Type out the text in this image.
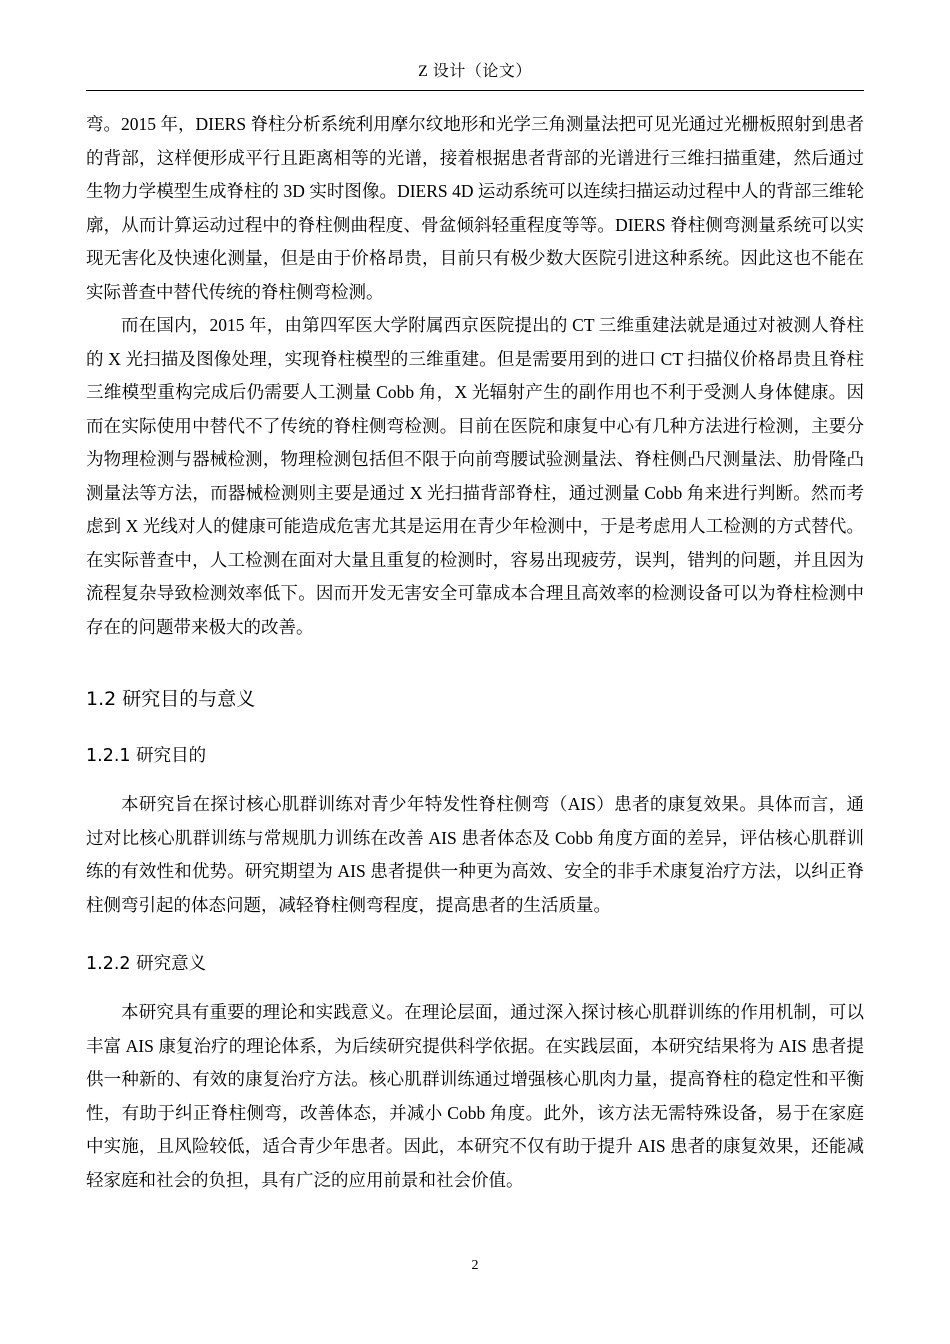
Z 设计（论文）

弯。2015 年，DIERS 脊柱分析系统利用摩尔纹地形和光学三角测量法把可见光通过光栅板照射到患者的背部，这样便形成平行且距离相等的光谱，接着根据患者背部的光谱进行三维扫描重建，然后通过生物力学模型生成脊柱的 3D 实时图像。DIERS 4D 运动系统可以连续扫描运动过程中人的背部三维轮廓，从而计算运动过程中的脊柱侧曲程度、骨盆倾斜轻重程度等等。DIERS 脊柱侧弯测量系统可以实现无害化及快速化测量，但是由于价格昂贵，目前只有极少数大医院引进这种系统。因此这也不能在实际普查中替代传统的脊柱侧弯检测。

而在国内，2015 年，由第四军医大学附属西京医院提出的 CT 三维重建法就是通过对被测人脊柱的 X 光扫描及图像处理，实现脊柱模型的三维重建。但是需要用到的进口 CT 扫描仪价格昂贵且脊柱三维模型重构完成后仍需要人工测量 Cobb 角，X 光辐射产生的副作用也不利于受测人身体健康。因而在实际使用中替代不了传统的脊柱侧弯检测。目前在医院和康复中心有几种方法进行检测，主要分为物理检测与器械检测，物理检测包括但不限于向前弯腰试验测量法、脊柱侧凸尺测量法、肋骨隆凸测量法等方法，而器械检测则主要是通过 X 光扫描背部脊柱，通过测量 Cobb 角来进行判断。然而考虑到 X 光线对人的健康可能造成危害尤其是运用在青少年检测中，于是考虑用人工检测的方式替代。在实际普查中，人工检测在面对大量且重复的检测时，容易出现疲劳，误判，错判的问题，并且因为流程复杂导致检测效率低下。因而开发无害安全可靠成本合理且高效率的检测设备可以为脊柱检测中存在的问题带来极大的改善。

1.2 研究目的与意义
1.2.1 研究目的

本研究旨在探讨核心肌群训练对青少年特发性脊柱侧弯（AIS）患者的康复效果。具体而言，通过对比核心肌群训练与常规肌力训练在改善 AIS 患者体态及 Cobb 角度方面的差异，评估核心肌群训练的有效性和优势。研究期望为 AIS 患者提供一种更为高效、安全的非手术康复治疗方法，以纠正脊柱侧弯引起的体态问题，减轻脊柱侧弯程度，提高患者的生活质量。

1.2.2 研究意义

本研究具有重要的理论和实践意义。在理论层面，通过深入探讨核心肌群训练的作用机制，可以丰富 AIS 康复治疗的理论体系，为后续研究提供科学依据。在实践层面，本研究结果将为 AIS 患者提供一种新的、有效的康复治疗方法。核心肌群训练通过增强核心肌肉力量，提高脊柱的稳定性和平衡性，有助于纠正脊柱侧弯，改善体态，并减小 Cobb 角度。此外，该方法无需特殊设备，易于在家庭中实施，且风险较低，适合青少年患者。因此，本研究不仅有助于提升 AIS 患者的康复效果，还能减轻家庭和社会的负担，具有广泛的应用前景和社会价值。

2
